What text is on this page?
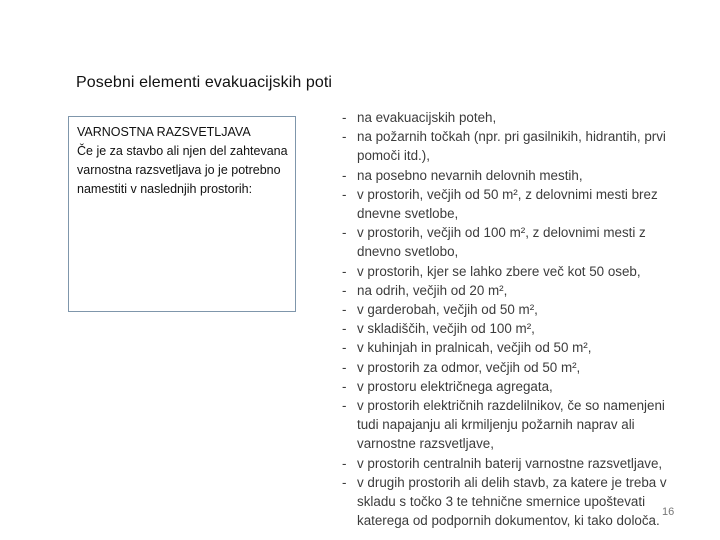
Posebni elementi evakuacijskih poti
VARNOSTNA RAZSVETLJAVA
Če je za stavbo ali njen del zahtevana varnostna razsvetljava jo je potrebno namestiti v naslednjih prostorih:
- na evakuacijskih poteh,
- na požarnih točkah (npr. pri gasilnikih, hidrantih, prvi pomoči itd.),
- na posebno nevarnih delovnih mestih,
- v prostorih, večjih od 50 m², z delovnimi mesti brez dnevne svetlobe,
- v prostorih, večjih od 100 m², z delovnimi mesti z dnevno svetlobo,
- v prostorih, kjer se lahko zbere več kot 50 oseb,
- na odrih, večjih od 20 m²,
- v garderobah, večjih od 50 m²,
- v skladiščih, večjih od 100 m²,
- v kuhinjah in pralnicah, večjih od 50 m²,
- v prostorih za odmor, večjih od 50 m²,
- v prostoru električnega agregata,
- v prostorih električnih razdelilnikov, če so namenjeni tudi napajanju ali krmiljenju požarnih naprav ali varnostne razsvetljave,
- v prostorih centralnih baterij varnostne razsvetljave,
- v drugih prostorih ali delih stavb, za katere je treba v skladu s točko 3 te tehnične smernice upoštevati katerega od podpornih dokumentov, ki tako določa.
16
